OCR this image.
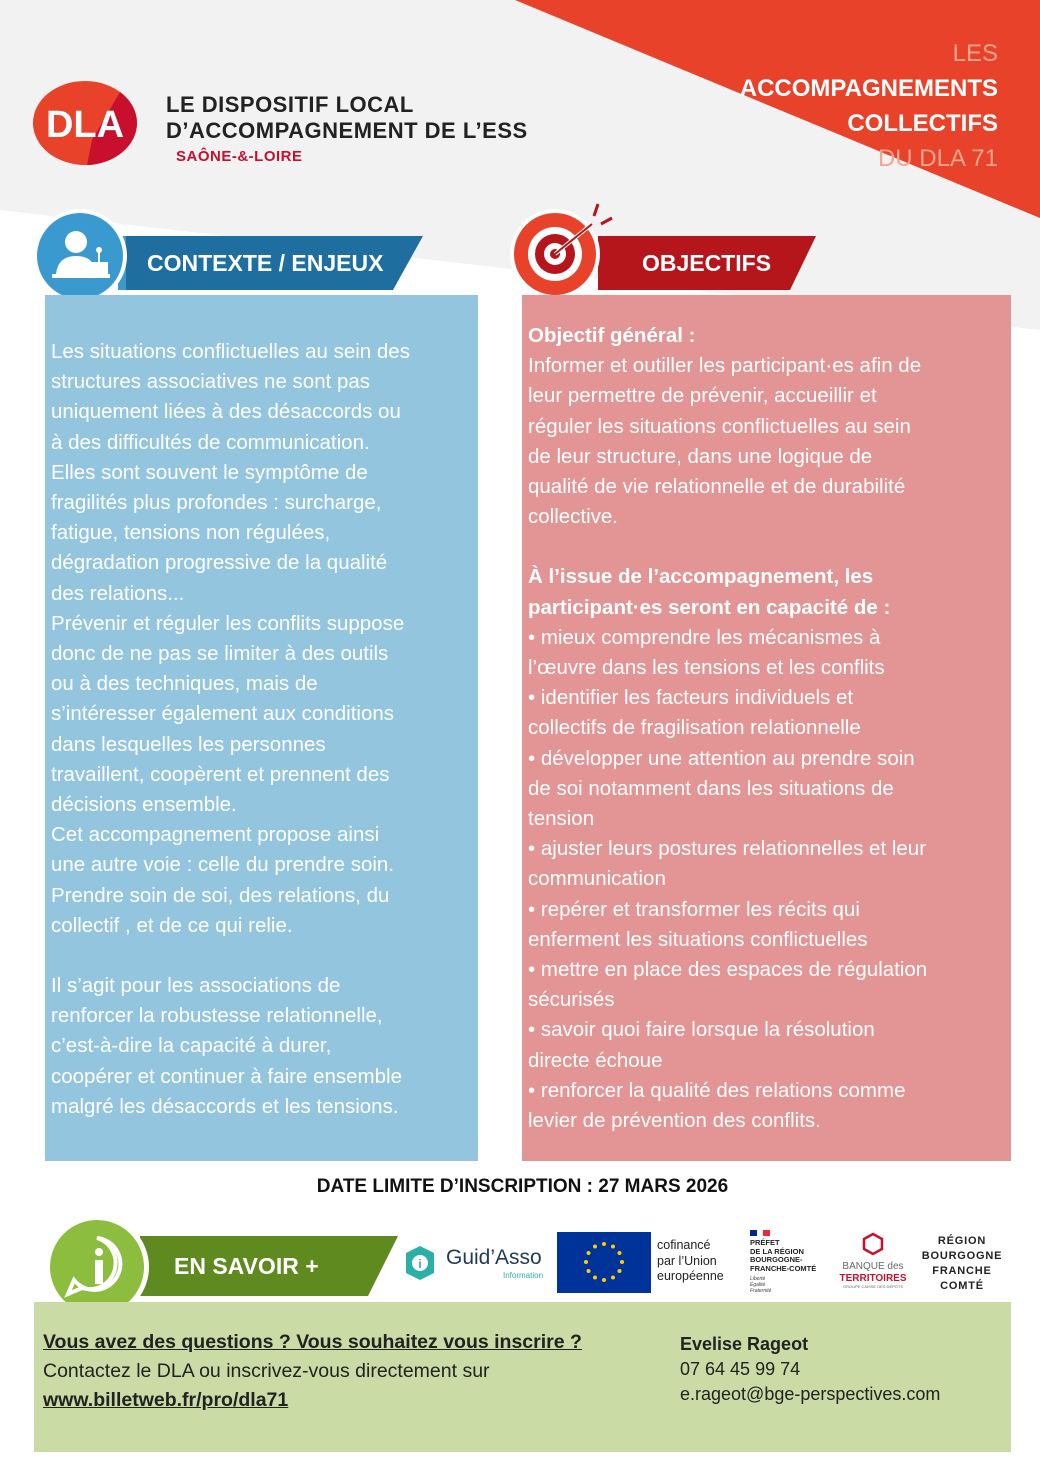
LES
ACCOMPAGNEMENTS
COLLECTIFS
DU DLA 71
DLA LE DISPOSITIF LOCAL
D’ACCOMPAGNEMENT DE L’ESS
SAÔNE-&-LOIRE
CONTEXTE / ENJEUX	OBJECTIFS

Les situations conflictuelles au sein des
structures associatives ne sont pas
uniquement liées à des désaccords ou
à des difficultés de communication.
Elles sont souvent le symptôme de
fragilités plus profondes : surcharge,
fatigue, tensions non régulées,
dégradation progressive de la qualité
des relations...
Prévenir et réguler les conflits suppose
donc de ne pas se limiter à des outils
ou à des techniques, mais de
s’intéresser également aux conditions
dans lesquelles les personnes
travaillent, coopèrent et prennent des
décisions ensemble.
Cet accompagnement propose ainsi
une autre voie : celle du prendre soin.
Prendre soin de soi, des relations, du
collectif , et de ce qui relie.

Il s’agit pour les associations de
renforcer la robustesse relationnelle,
c’est-à-dire la capacité à durer,
coopérer et continuer à faire ensemble
malgré les désaccords et les tensions.

Objectif général :

Informer et outiller les participant·es afin de
leur permettre de prévenir, accueillir et
réguler les situations conflictuelles au sein
de leur structure, dans une logique de
qualité de vie relationnelle et de durabilité
collective.

À l’issue de l’accompagnement, les
participant·es seront en capacité de :

• mieux comprendre les mécanismes à
l’œuvre dans les tensions et les conflits

• identifier les facteurs individuels et
collectifs de fragilisation relationnelle

• développer une attention au prendre soin
de soi notamment dans les situations de
tension

• ajuster leurs postures relationnelles et leur
communication

• repérer et transformer les récits qui
enferment les situations conflictuelles

• mettre en place des espaces de régulation
sécurisés

• savoir quoi faire lorsque la résolution
directe échoue

• renforcer la qualité des relations comme
levier de prévention des conflits.

DATE LIMITE D’INSCRIPTION : 27 MARS 2026
EN SAVOIR +	i Guid’Asso
Information
cofinancé
par l’Union
européenne
PRÉFET
DE LA RÉGION
BOURGOGNE-
FRANCHE-COMTÉ
Liberté
Égalité
Fraternité
BANQUE des
TERRITOIRES
GROUPE CAISSE DES DÉPÔTS
RÉGION
BOURGOGNE
FRANCHE
COMTÉ
Vous avez des questions ? Vous souhaitez vous inscrire ?
Contactez le DLA ou inscrivez-vous directement sur
www.billetweb.fr/pro/dla71
Evelise Rageot
07 64 45 99 74
e.rageot@bge-perspectives.com
